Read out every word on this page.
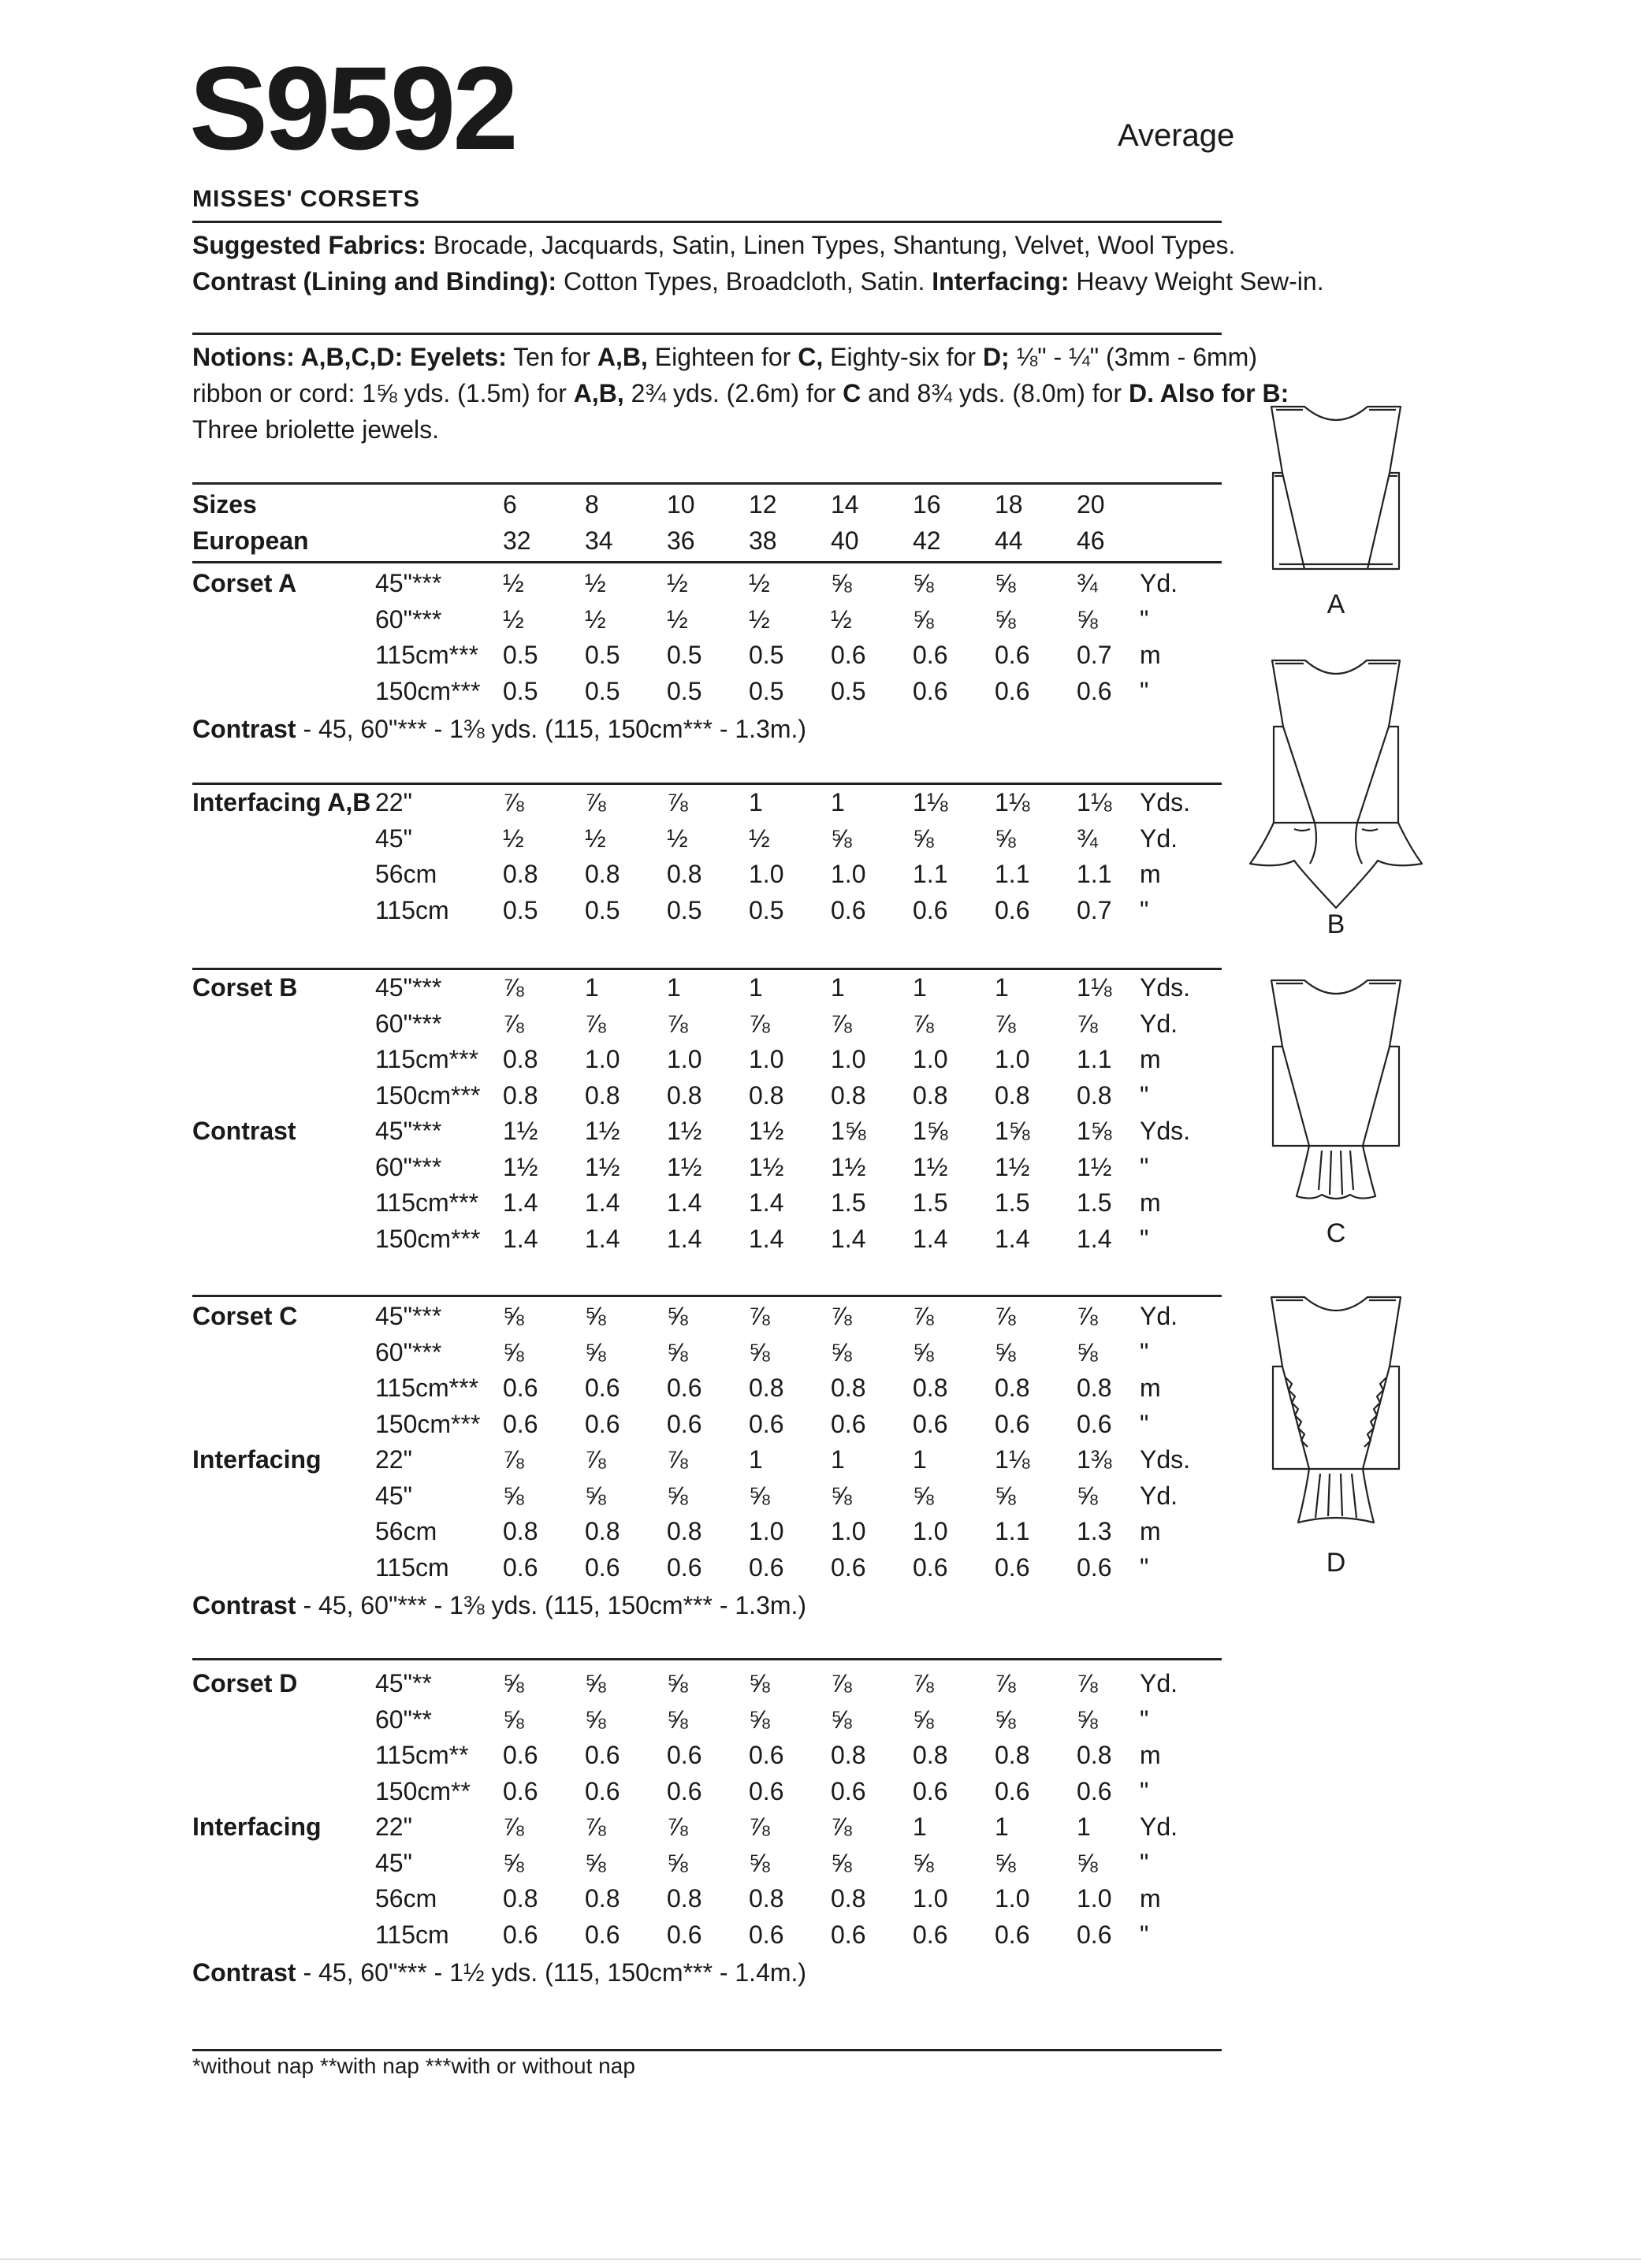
S9592	Average
MISSES' CORSETS
Suggested Fabrics: Brocade, Jacquards, Satin, Linen Types, Shantung, Velvet, Wool Types.
Contrast (Lining and Binding): Cotton Types, Broadcloth, Satin. Interfacing: Heavy Weight Sew-in.
Notions: A,B,C,D: Eyelets: Ten for A,B, Eighteen for C, Eighty-six for D; ⅛" - ¼" (3mm - 6mm)
ribbon or cord: 1⅝ yds. (1.5m) for A,B, 2¾ yds. (2.6m) for C and 8¾ yds. (8.0m) for D. Also for B:
Three briolette jewels.
Sizes	6	8	10 12 14 16 18 20
European	32 34 36 38 40 42 44 46
Corset A	45"*** ½ ½ ½ ½ ⅝ ⅝ ⅝ ¾ Yd.
60"*** ½ ½ ½ ½ ½ ⅝ ⅝ ⅝ "
115cm*** 0.5 0.5 0.5 0.5 0.6 0.6 0.6 0.7 m
150cm*** 0.5 0.5 0.5 0.5 0.5 0.6 0.6 0.6 "
Contrast - 45, 60"*** - 1⅜ yds. (115, 150cm*** - 1.3m.)
Interfacing A,B 22"	⅞ ⅞ ⅞ 1	1	1⅛ 1⅛ 1⅛ Yds.
45"	½ ½ ½ ½ ⅝ ⅝ ⅝ ¾ Yd.
56cm	0.8 0.8 0.8 1.0 1.0 1.1 1.1 1.1 m
115cm 0.5 0.5 0.5 0.5 0.6 0.6 0.6 0.7 "
Corset B	45"*** ⅞ 1	1	1	1	1	1	1⅛ Yds.
60"*** ⅞ ⅞ ⅞ ⅞ ⅞ ⅞ ⅞ ⅞ Yd.
115cm*** 0.8 1.0 1.0 1.0 1.0 1.0 1.0 1.1 m
150cm*** 0.8 0.8 0.8 0.8 0.8 0.8 0.8 0.8 "
Contrast	45"*** 1½ 1½ 1½ 1½ 1⅝ 1⅝ 1⅝ 1⅝ Yds.
60"*** 1½ 1½ 1½ 1½ 1½ 1½ 1½ 1½ "
115cm*** 1.4 1.4 1.4 1.4 1.5 1.5 1.5 1.5 m
150cm*** 1.4 1.4 1.4 1.4 1.4 1.4 1.4 1.4 "
Corset C	45"*** ⅝ ⅝ ⅝ ⅞ ⅞ ⅞ ⅞ ⅞ Yd.
60"*** ⅝ ⅝ ⅝ ⅝ ⅝ ⅝ ⅝ ⅝ "
115cm*** 0.6 0.6 0.6 0.8 0.8 0.8 0.8 0.8 m
150cm*** 0.6 0.6 0.6 0.6 0.6 0.6 0.6 0.6 "
Interfacing 22"	⅞ ⅞ ⅞ 1	1	1	1⅛ 1⅜ Yds.
45"	⅝ ⅝ ⅝ ⅝ ⅝ ⅝ ⅝ ⅝ Yd.
56cm	0.8 0.8 0.8 1.0 1.0 1.0 1.1 1.3 m
115cm 0.6 0.6 0.6 0.6 0.6 0.6 0.6 0.6 "
Contrast - 45, 60"*** - 1⅜ yds. (115, 150cm*** - 1.3m.)
Corset D	45"**	⅝ ⅝ ⅝ ⅝ ⅞ ⅞ ⅞ ⅞ Yd.
60"**	⅝ ⅝ ⅝ ⅝ ⅝ ⅝ ⅝ ⅝ "
115cm** 0.6 0.6 0.6 0.6 0.8 0.8 0.8 0.8 m
150cm** 0.6 0.6 0.6 0.6 0.6 0.6 0.6 0.6 "
Interfacing 22"	⅞ ⅞ ⅞ ⅞ ⅞ 1	1	1 Yd.
45"	⅝ ⅝ ⅝ ⅝ ⅝ ⅝ ⅝ ⅝ "
56cm	0.8 0.8 0.8 0.8 0.8 1.0 1.0 1.0 m
115cm 0.6 0.6 0.6 0.6 0.6 0.6 0.6 0.6 "
Contrast - 45, 60"*** - 1½ yds. (115, 150cm*** - 1.4m.)
*without nap **with nap ***with or without nap
A
B
C
D
